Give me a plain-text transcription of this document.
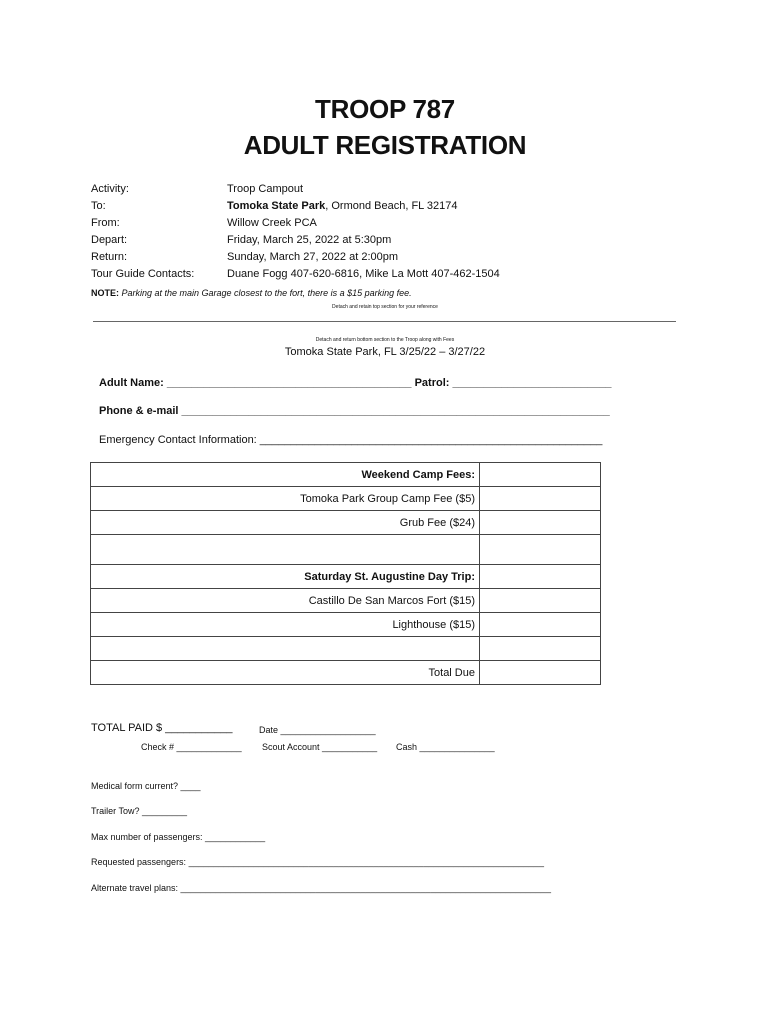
TROOP 787
ADULT REGISTRATION
Activity:	Troop Campout
To:	Tomoka State Park, Ormond Beach, FL 32174
From:	Willow Creek PCA
Depart:	Friday, March 25, 2022 at 5:30pm
Return:	Sunday, March 27, 2022 at 2:00pm
Tour Guide Contacts:	Duane Fogg 407-620-6816, Mike La Mott 407-462-1504
NOTE: Parking at the main Garage closest to the fort, there is a $15 parking fee.
Detach and retain top section for your reference
Detach and return bottom section to the Troop along with Fees
Tomoka State Park, FL 3/25/22 – 3/27/22
Adult Name: ________________________________________ Patrol: __________________________
Phone & e-mail ______________________________________________________________________
Emergency Contact Information: ________________________________________________________
Weekend Camp Fees:	
Tomoka Park Group Camp Fee ($5)	
Grub Fee ($24)	

Saturday St. Augustine Day Trip:	
Castillo De San Marcos Fort ($15)	
Lighthouse ($15)	

Total Due	
TOTAL PAID $ ___________	Date ___________________
Check # _____________ Scout Account ___________ Cash _______________
Medical form current? ____
Trailer Tow? _________
Max number of passengers: ____________
Requested passengers: _______________________________________________________________________
Alternate travel plans: __________________________________________________________________________
